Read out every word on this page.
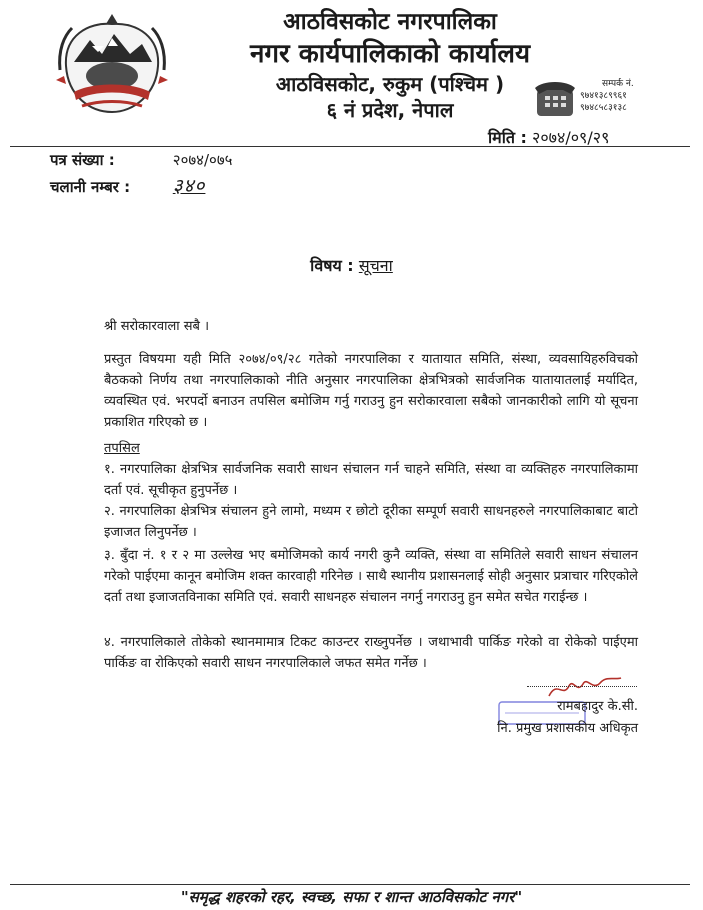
आठविसकोट नगरपालिका
नगर कार्यपालिकाको कार्यालय
आठविसकोट, रुकुम (पश्चिम )
६ नं प्रदेश, नेपाल
सम्पर्क नं.
९७४१३८९९६१
९७४८५८३१३८
मिति : २०७४/०९/२९
पत्र संख्या :	२०७४/०७५
चलानी नम्बर : ३४०
विषय : सूचना
श्री सरोकारवाला सबै ।
प्रस्तुत विषयमा यही मिति २०७४/०९/२८ गतेको नगरपालिका र यातायात समिति, संस्था, व्यवसायिहरुविचको बैठकको निर्णय तथा नगरपालिकाको नीति अनुसार नगरपालिका क्षेत्रभित्रको सार्वजनिक यातायातलाई मर्यादित, व्यवस्थित एवं. भरपर्दो बनाउन तपसिल बमोजिम गर्नु गराउनु हुन सरोकारवाला सबैको जानकारीको लागि यो सूचना प्रकाशित गरिएको छ ।
तपसिल
१. नगरपालिका क्षेत्रभित्र सार्वजनिक सवारी साधन संचालन गर्न चाहने समिति, संस्था वा व्यक्तिहरु नगरपालिकामा दर्ता एवं. सूचीकृत हुनुपर्नेछ ।
२. नगरपालिका क्षेत्रभित्र संचालन हुने लामो, मध्यम र छोटो दूरीका सम्पूर्ण सवारी साधनहरुले नगरपालिकाबाट बाटो इजाजत लिनुपर्नेछ ।
३. बुँदा नं. १ र २ मा उल्लेख भए बमोजिमको कार्य नगरी कुनै व्यक्ति, संस्था वा समितिले सवारी साधन संचालन गरेको पाईएमा कानून बमोजिम शक्त कारवाही गरिनेछ । साथै स्थानीय प्रशासनलाई सोही अनुसार प्रत्राचार गरिएकोले दर्ता तथा इजाजतविनाका समिति एवं. सवारी साधनहरु संचालन नगर्नु नगराउनु हुन समेत सचेत गराईन्छ ।
४. नगरपालिकाले तोकेको स्थानमामात्र टिकट काउन्टर राख्नुपर्नेछ । जथाभावी पार्किङ गरेको वा रोकेको पाईएमा पार्किङ वा रोकिएको सवारी साधन नगरपालिकाले जफत समेत गर्नेछ ।
रामबहादुर के.सी.
नि. प्रमुख प्रशासकीय अधिकृत
"समृद्ध शहरको रहर, स्वच्छ, सफा र शान्त आठविसकोट नगर"
